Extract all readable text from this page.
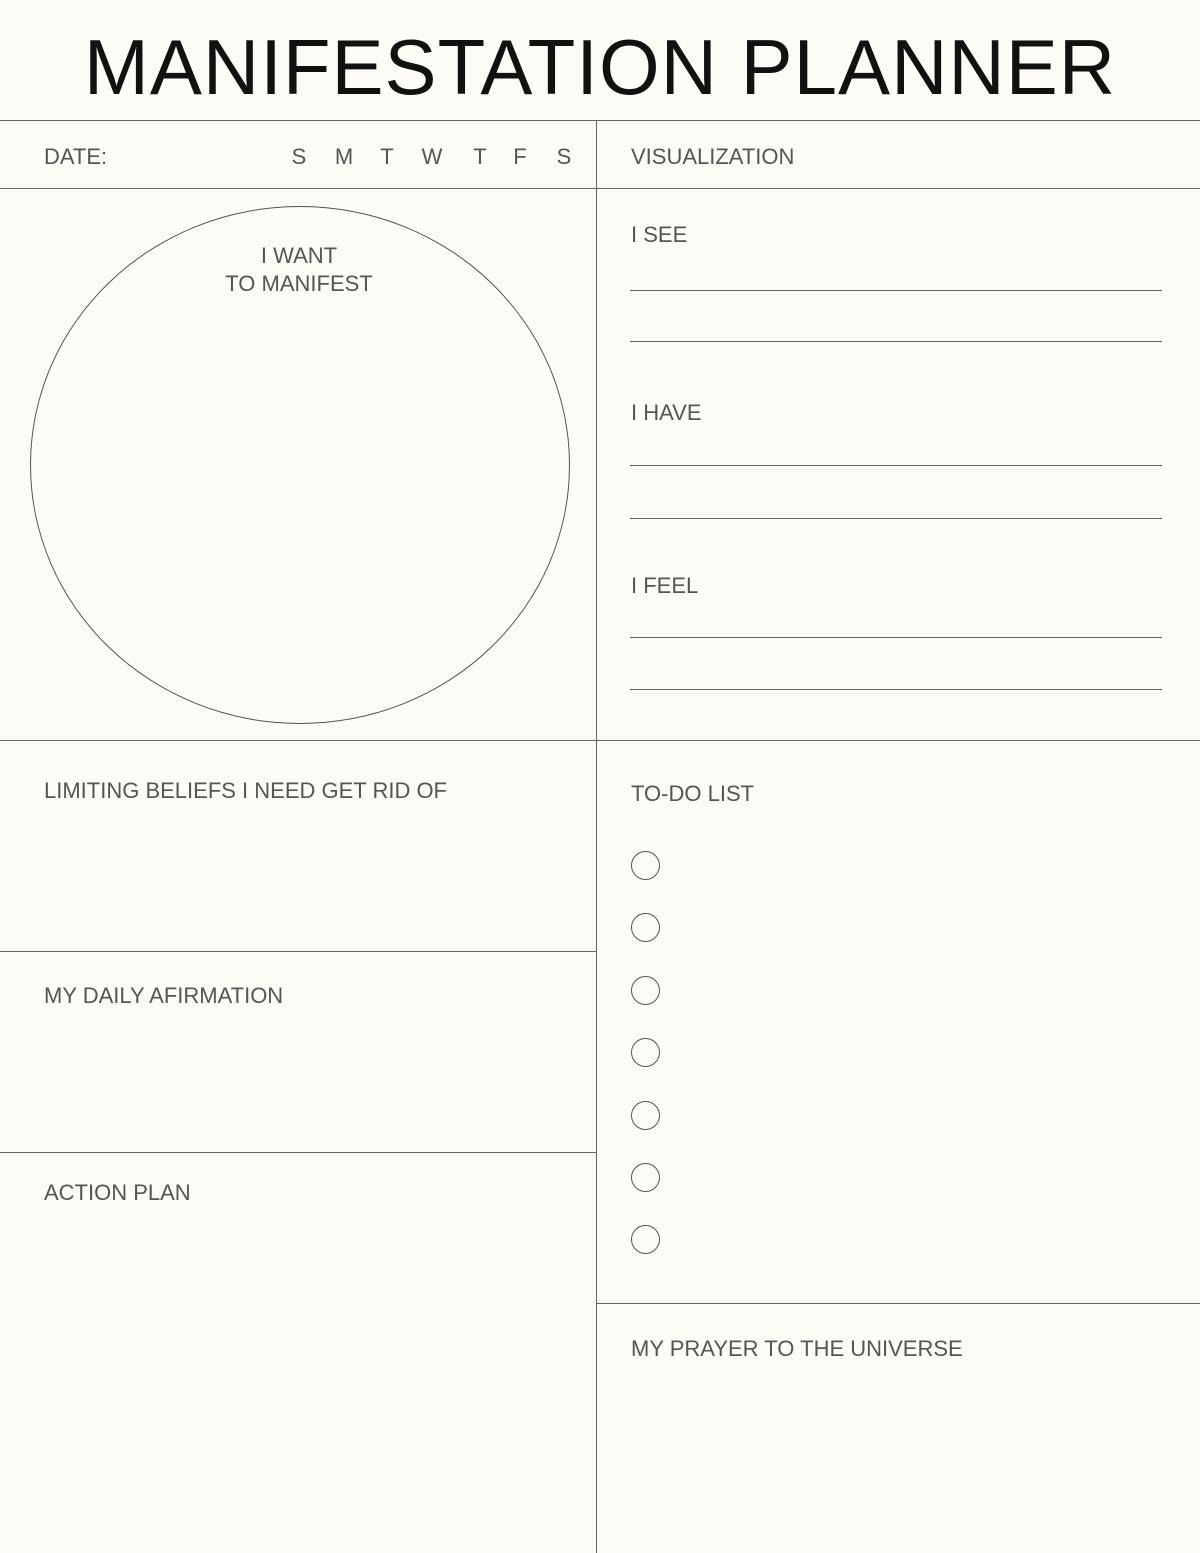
MANIFESTATION PLANNER
DATE:	S M T W T F S	VISUALIZATION
I WANT
TO MANIFEST
I SEE
I HAVE
I FEEL
LIMITING BELIEFS I NEED GET RID OF
MY DAILY AFIRMATION
ACTION PLAN
TO-DO LIST
MY PRAYER TO THE UNIVERSE
